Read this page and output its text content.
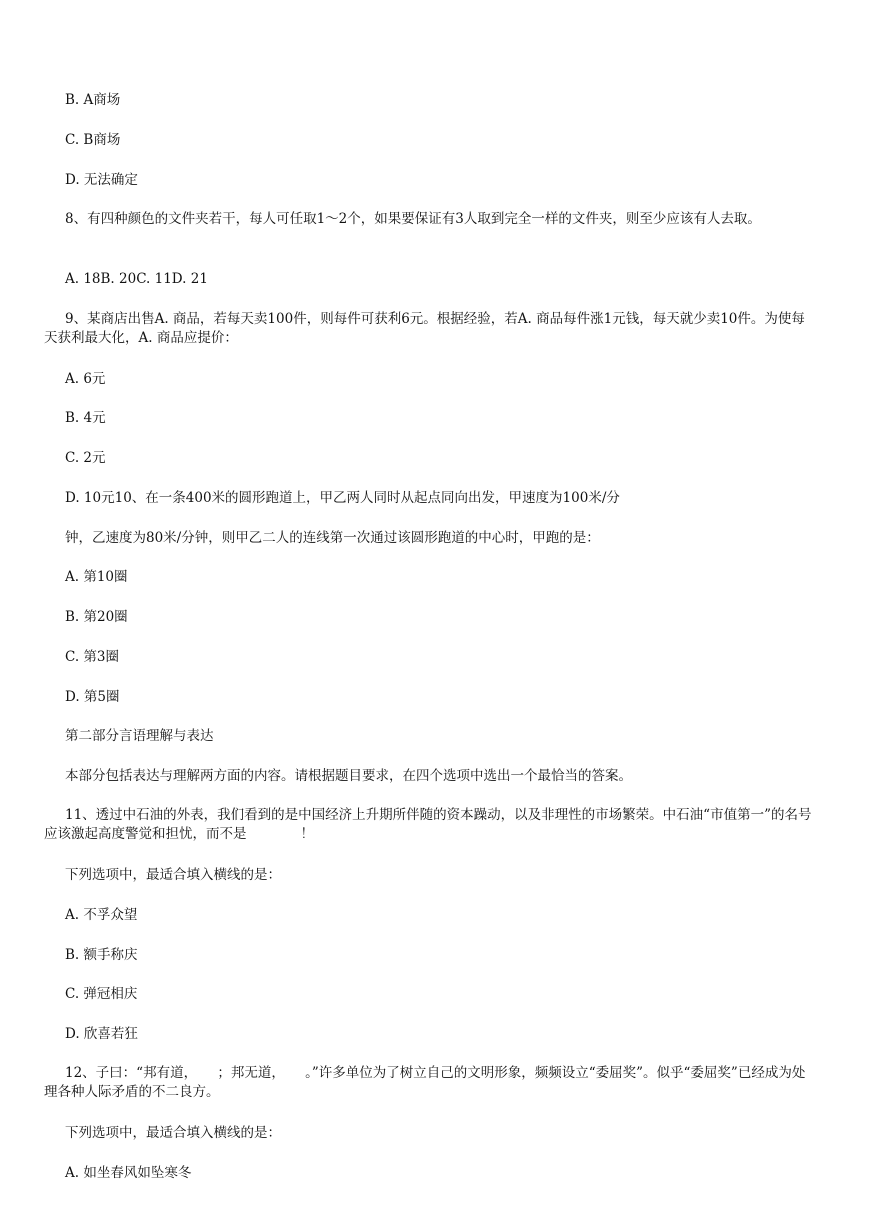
B. A商场
C. B商场
D. 无法确定
8、有四种颜色的文件夹若干，每人可任取1～2个，如果要保证有3人取到完全一样的文件夹，则至少应该有人去取。
A. 18B. 20C. 11D. 21
9、某商店出售A. 商品，若每天卖100件，则每件可获利6元。根据经验，若A. 商品每件涨1元钱，每天就少卖10件。为使每天获利最大化，A. 商品应提价：
A. 6元
B. 4元
C. 2元
D. 10元10、在一条400米的圆形跑道上，甲乙两人同时从起点同向出发，甲速度为100米/分
钟，乙速度为80米/分钟，则甲乙二人的连线第一次通过该圆形跑道的中心时，甲跑的是：
A. 第10圈
B. 第20圈
C. 第3圈
D. 第5圈
第二部分言语理解与表达
本部分包括表达与理解两方面的内容。请根据题目要求，在四个选项中选出一个最恰当的答案。
11、透过中石油的外表，我们看到的是中国经济上升期所伴随的资本躁动，以及非理性的市场繁荣。中石油“市值第一”的名号应该激起高度警觉和担忧，而不是　　　　！
下列选项中，最适合填入横线的是：
A. 不孚众望
B. 额手称庆
C. 弹冠相庆
D. 欣喜若狂
12、子曰：“邦有道，　　；邦无道，　　。”许多单位为了树立自己的文明形象，频频设立“委屈奖”。似乎“委屈奖”已经成为处理各种人际矛盾的不二良方。
下列选项中，最适合填入横线的是：
A. 如坐春风如坠寒冬
